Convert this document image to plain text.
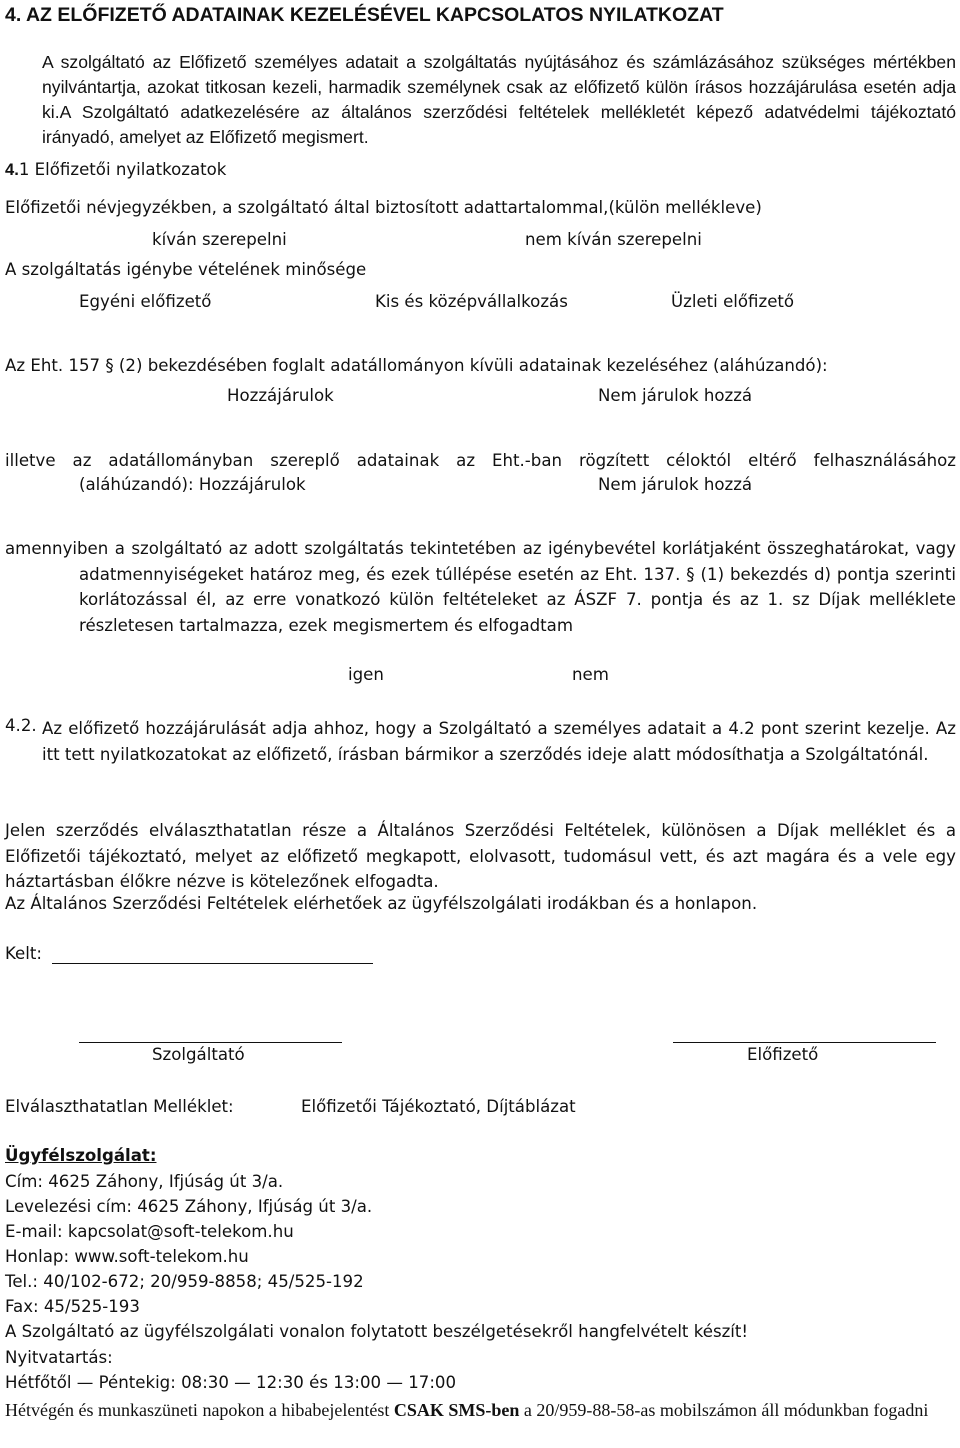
4. AZ ELŐFIZETŐ ADATAINAK KEZELÉSÉVEL KAPCSOLATOS NYILATKOZAT
A szolgáltató az Előfizető személyes adatait a szolgáltatás nyújtásához és számlázásához szükséges mértékben nyilvántartja, azokat titkosan kezeli, harmadik személynek csak az előfizető külön írásos hozzájárulása esetén adja ki.A Szolgáltató adatkezelésére az általános szerződési feltételek mellékletét képező adatvédelmi tájékoztató irányadó, amelyet az Előfizető megismert.
4.1 Előfizetői nyilatkozatok
Előfizetői névjegyzékben, a szolgáltató által biztosított adattartalommal,(külön mellékleve)
kíván szerepelni	nem kíván szerepelni
A szolgáltatás igénybe vételének minősége
Egyéni előfizető	Kis és középvállalkozás	Üzleti előfizető
Az Eht. 157 § (2) bekezdésében foglalt adatállományon kívüli adatainak kezeléséhez (aláhúzandó):
Hozzájárulok	Nem járulok hozzá
illetve az adatállományban szereplő adatainak az Eht.-ban rögzített céloktól eltérő felhasználásához
(aláhúzandó): Hozzájárulok	Nem járulok hozzá
amennyiben a szolgáltató az adott szolgáltatás tekintetében az igénybevétel korlátjaként összeghatárokat, vagy adatmennyiségeket határoz meg, és ezek túllépése esetén az Eht. 137. § (1) bekezdés d) pontja szerinti korlátozással él, az erre vonatkozó külön feltételeket az ÁSZF 7. pontja és az 1. sz Díjak melléklete részletesen tartalmazza, ezek megismertem és elfogadtam
igen	nem
4.2. Az előfizető hozzájárulását adja ahhoz, hogy a Szolgáltató a személyes adatait a 4.2 pont szerint kezelje. Az itt tett nyilatkozatokat az előfizető, írásban bármikor a szerződés ideje alatt módosíthatja a Szolgáltatónál.
Jelen szerződés elválaszthatatlan része a Általános Szerződési Feltételek, különösen a Díjak melléklet és a Előfizetői tájékoztató, melyet az előfizető megkapott, elolvasott, tudomásul vett, és azt magára és a vele egy háztartásban élőkre nézve is kötelezőnek elfogadta.
Az Általános Szerződési Feltételek elérhetőek az ügyfélszolgálati irodákban és a honlapon.
Kelt:
Szolgáltató	Előfizető
Elválaszthatatlan Melléklet:	Előfizetői Tájékoztató, Díjtáblázat
Ügyfélszolgálat:
Cím: 4625 Záhony, Ifjúság út 3/a.
Levelezési cím: 4625 Záhony, Ifjúság út 3/a.
E-mail: kapcsolat@soft-telekom.hu
Honlap: www.soft-telekom.hu
Tel.: 40/102-672; 20/959-8858; 45/525-192
Fax: 45/525-193
A Szolgáltató az ügyfélszolgálati vonalon folytatott beszélgetésekről hangfelvételt készít!
Nyitvatartás:
Hétfőtől — Péntekig: 08:30 — 12:30 és 13:00 — 17:00
Hétvégén és munkaszüneti napokon a hibabejelentést CSAK SMS-ben a 20/959-88-58-as mobilszámon áll módunkban fogadni
